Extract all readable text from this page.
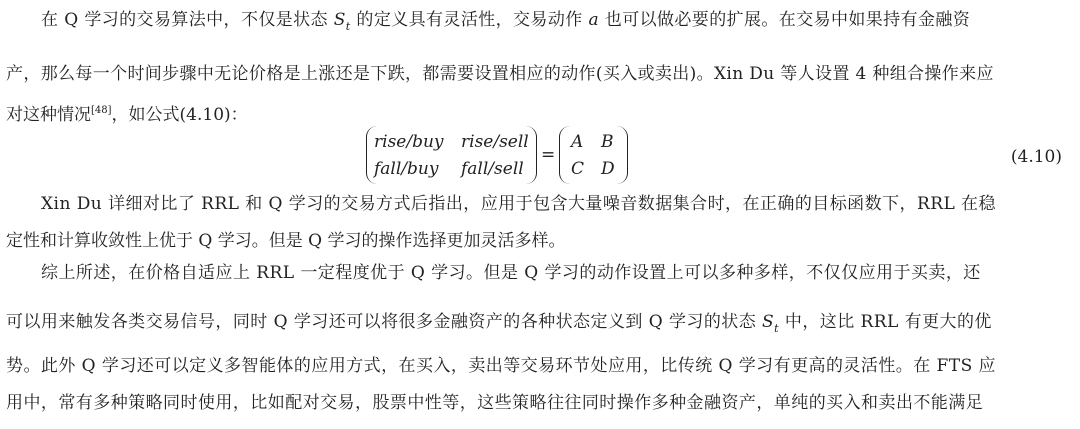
在 Q 学习的交易算法中，不仅是状态 $S_t$ 的定义具有灵活性，交易动作 a 也可以做必要的扩展。在交易中如果持有金融资
产，那么每一个时间步骤中无论价格是上涨还是下跌，都需要设置相应的动作(买入或卖出)。Xin Du 等人设置 4 种组合操作来应
对这种情况[48]，如公式(4.10)：
rise/buy rise/sell
fall/buy fall/sell
=
A B
C D
(4.10)
Xin Du 详细对比了 RRL 和 Q 学习的交易方式后指出，应用于包含大量噪音数据集合时，在正确的目标函数下，RRL 在稳
定性和计算收敛性上优于 Q 学习。但是 Q 学习的操作选择更加灵活多样。
综上所述，在价格自适应上 RRL 一定程度优于 Q 学习。但是 Q 学习的动作设置上可以多种多样，不仅仅应用于买卖，还
可以用来触发各类交易信号，同时 Q 学习还可以将很多金融资产的各种状态定义到 Q 学习的状态 $S_t$ 中，这比 RRL 有更大的优
势。此外 Q 学习还可以定义多智能体的应用方式，在买入，卖出等交易环节处应用，比传统 Q 学习有更高的灵活性。在 FTS 应
用中，常有多种策略同时使用，比如配对交易，股票中性等，这些策略往往同时操作多种金融资产，单纯的买入和卖出不能满足
